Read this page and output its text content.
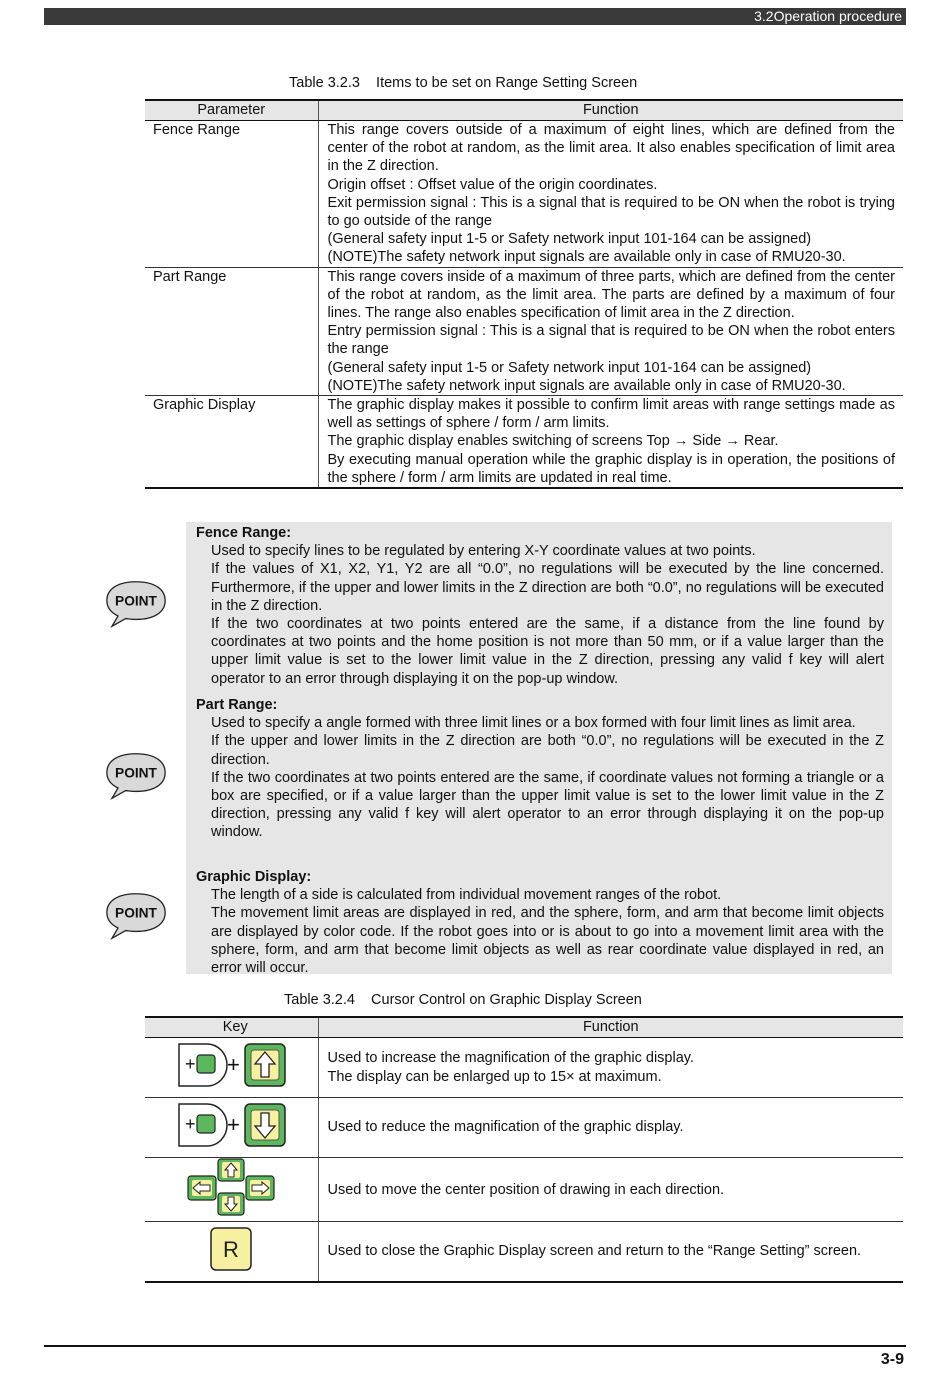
3.2Operation procedure
Table 3.2.3    Items to be set on Range Setting Screen
Parameter	Function
Fence Range	This range covers outside of a maximum of eight lines, which are defined from the center of the robot at random, as the limit area. It also enables specification of limit area in the Z direction.
Origin offset : Offset value of the origin coordinates.
Exit permission signal : This is a signal that is required to be ON when the robot is trying to go outside of the range
(General safety input 1-5 or Safety network input 101-164 can be assigned)
(NOTE)The safety network input signals are available only in case of RMU20-30.

Part Range	This range covers inside of a maximum of three parts, which are defined from the center of the robot at random, as the limit area. The parts are defined by a maximum of four lines. The range also enables specification of limit area in the Z direction.
Entry permission signal : This is a signal that is required to be ON when the robot enters the range
(General safety input 1-5 or Safety network input 101-164 can be assigned)
(NOTE)The safety network input signals are available only in case of RMU20-30.

Graphic Display	The graphic display makes it possible to confirm limit areas with range settings made as well as settings of sphere / form / arm limits.
The graphic display enables switching of screens Top → Side → Rear.
By executing manual operation while the graphic display is in operation, the positions of the sphere / form / arm limits are updated in real time.
POINT
POINT
POINT
Fence Range:

Used to specify lines to be regulated by entering X-Y coordinate values at two points.

If the values of X1, X2, Y1, Y2 are all “0.0”, no regulations will be executed by the line concerned. Furthermore, if the upper and lower limits in the Z direction are both “0.0”, no regulations will be executed in the Z direction.

If the two coordinates at two points entered are the same, if a distance from the line found by coordinates at two points and the home position is not more than 50 mm, or if a value larger than the upper limit value is set to the lower limit value in the Z direction, pressing any valid f key will alert operator to an error through displaying it on the pop-up window.

Part Range:

Used to specify a angle formed with three limit lines or a box formed with four limit lines as limit area.

If the upper and lower limits in the Z direction are both “0.0”, no regulations will be executed in the Z direction.

If the two coordinates at two points entered are the same, if coordinate values not forming a triangle or a box are specified, or if a value larger than the upper limit value is set to the lower limit value in the Z direction, pressing any valid f key will alert operator to an error through displaying it on the pop-up window.

Graphic Display:

The length of a side is calculated from individual movement ranges of the robot.

The movement limit areas are displayed in red, and the sphere, form, and arm that become limit objects are displayed by color code. If the robot goes into or is about to go into a movement limit area with the sphere, form, and arm that become limit objects as well as rear coordinate value displayed in red, an error will occur.

Table 3.2.4    Cursor Control on Graphic Display Screen
Key	Function

+ +	Used to increase the magnification of the graphic display.
The display can be enlarged up to 15× at maximum.

+ +	Used to reduce the magnification of the graphic display.

Used to move the center position of drawing in each direction.

R	Used to close the Graphic Display screen and return to the “Range Setting” screen.
3-9
